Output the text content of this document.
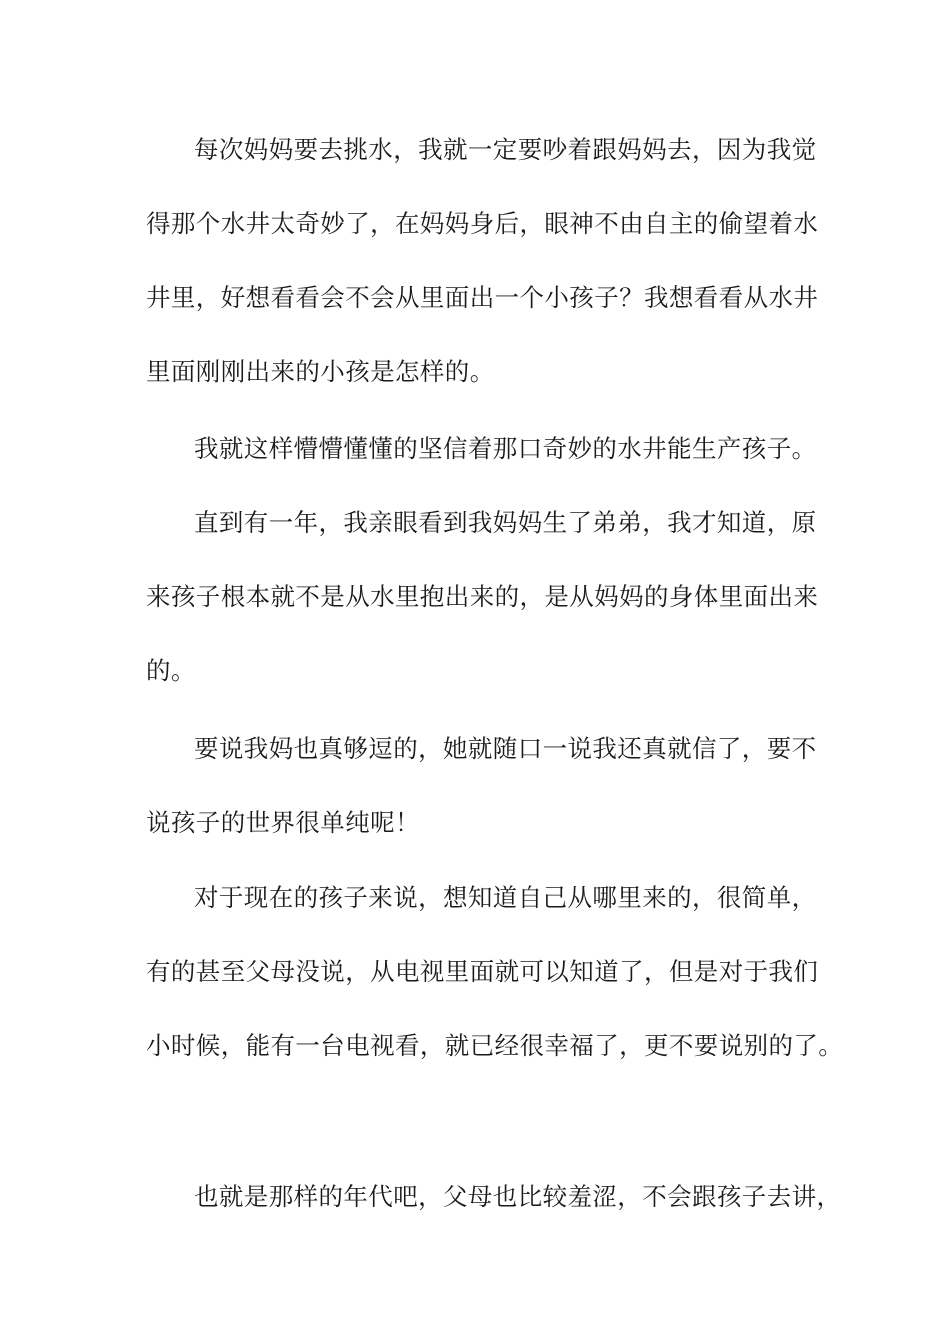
每次妈妈要去挑水，我就一定要吵着跟妈妈去，因为我觉
得那个水井太奇妙了，在妈妈身后，眼神不由自主的偷望着水
井里，好想看看会不会从里面出一个小孩子？我想看看从水井
里面刚刚出来的小孩是怎样的。
我就这样懵懵懂懂的坚信着那口奇妙的水井能生产孩子。
直到有一年，我亲眼看到我妈妈生了弟弟，我才知道，原
来孩子根本就不是从水里抱出来的，是从妈妈的身体里面出来
的。
要说我妈也真够逗的，她就随口一说我还真就信了，要不
说孩子的世界很单纯呢！
对于现在的孩子来说，想知道自己从哪里来的，很简单，
有的甚至父母没说，从电视里面就可以知道了，但是对于我们
小时候，能有一台电视看，就已经很幸福了，更不要说别的了。
也就是那样的年代吧，父母也比较羞涩，不会跟孩子去讲，
